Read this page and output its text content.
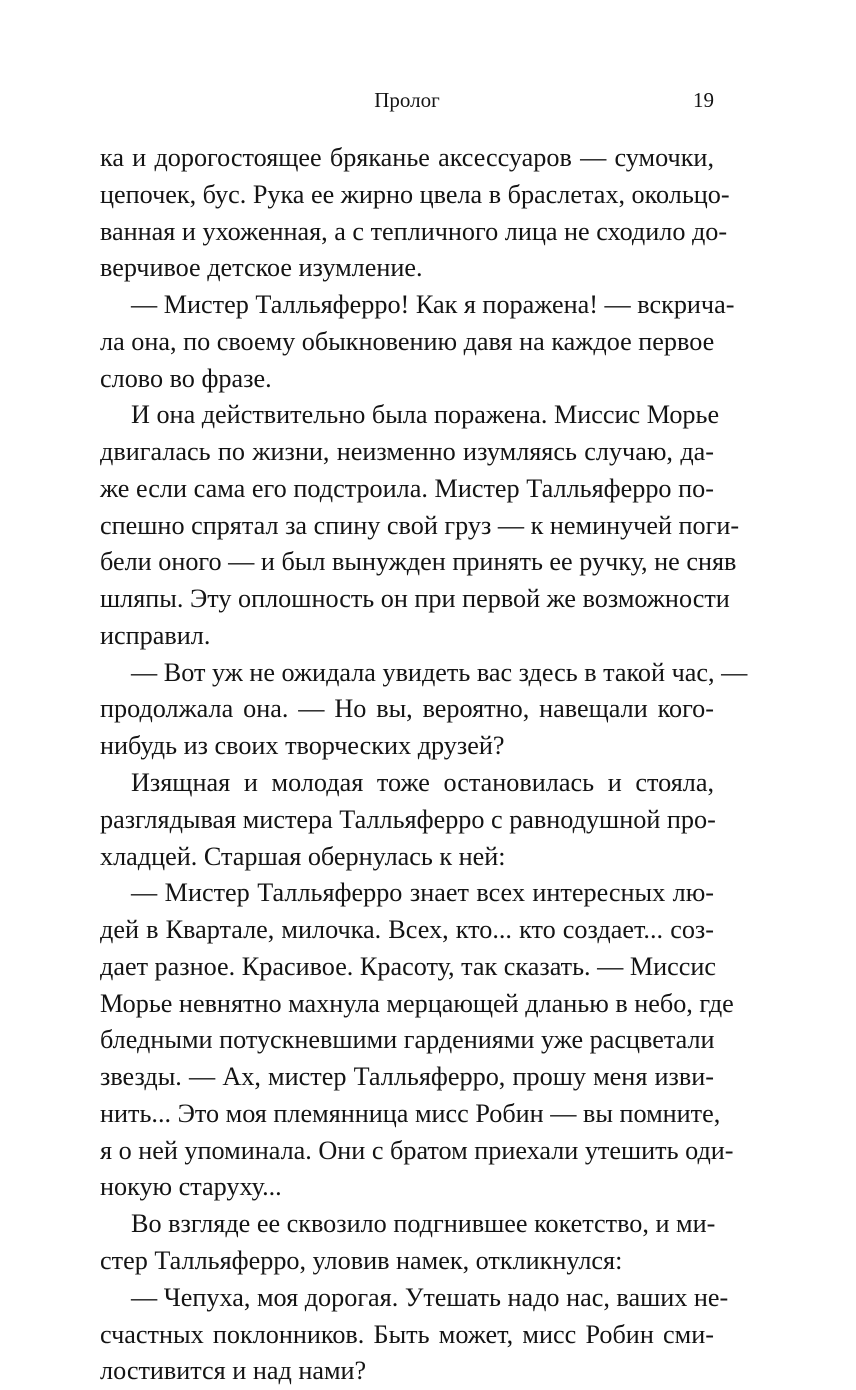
Пролог	19
ка и дорогостоящее бряканье аксессуаров — сумочки,
цепочек, бус. Рука ее жирно цвела в браслетах, окольцо-
ванная и ухоженная, а с тепличного лица не сходило до-
верчивое детское изумление.
— Мистер Талльяферро! Как я поражена! — вскрича-
ла она, по своему обыкновению давя на каждое первое
слово во фразе.
И она действительно была поражена. Миссис Морье
двигалась по жизни, неизменно изумляясь случаю, да-
же если сама его подстроила. Мистер Талльяферро по-
спешно спрятал за спину свой груз — к неминучей поги-
бели оного — и был вынужден принять ее ручку, не сняв
шляпы. Эту оплошность он при первой же возможности
исправил.
— Вот уж не ожидала увидеть вас здесь в такой час, —
продолжала она. — Но вы, вероятно, навещали кого-
нибудь из своих творческих друзей?
Изящная и молодая тоже остановилась и стояла,
разглядывая мистера Талльяферро с равнодушной про-
хладцей. Старшая обернулась к ней:
— Мистер Талльяферро знает всех интересных лю-
дей в Квартале, милочка. Всех, кто... кто создает... соз-
дает разное. Красивое. Красоту, так сказать. — Миссис
Морье невнятно махнула мерцающей дланью в небо, где
бледными потускневшими гардениями уже расцветали
звезды. — Ах, мистер Талльяферро, прошу меня изви-
нить... Это моя племянница мисс Робин — вы помните,
я о ней упоминала. Они с братом приехали утешить оди-
нокую старуху...
Во взгляде ее сквозило подгнившее кокетство, и ми-
стер Талльяферро, уловив намек, откликнулся:
— Чепуха, моя дорогая. Утешать надо нас, ваших не-
счастных поклонников. Быть может, мисс Робин сми-
лостивится и над нами?
